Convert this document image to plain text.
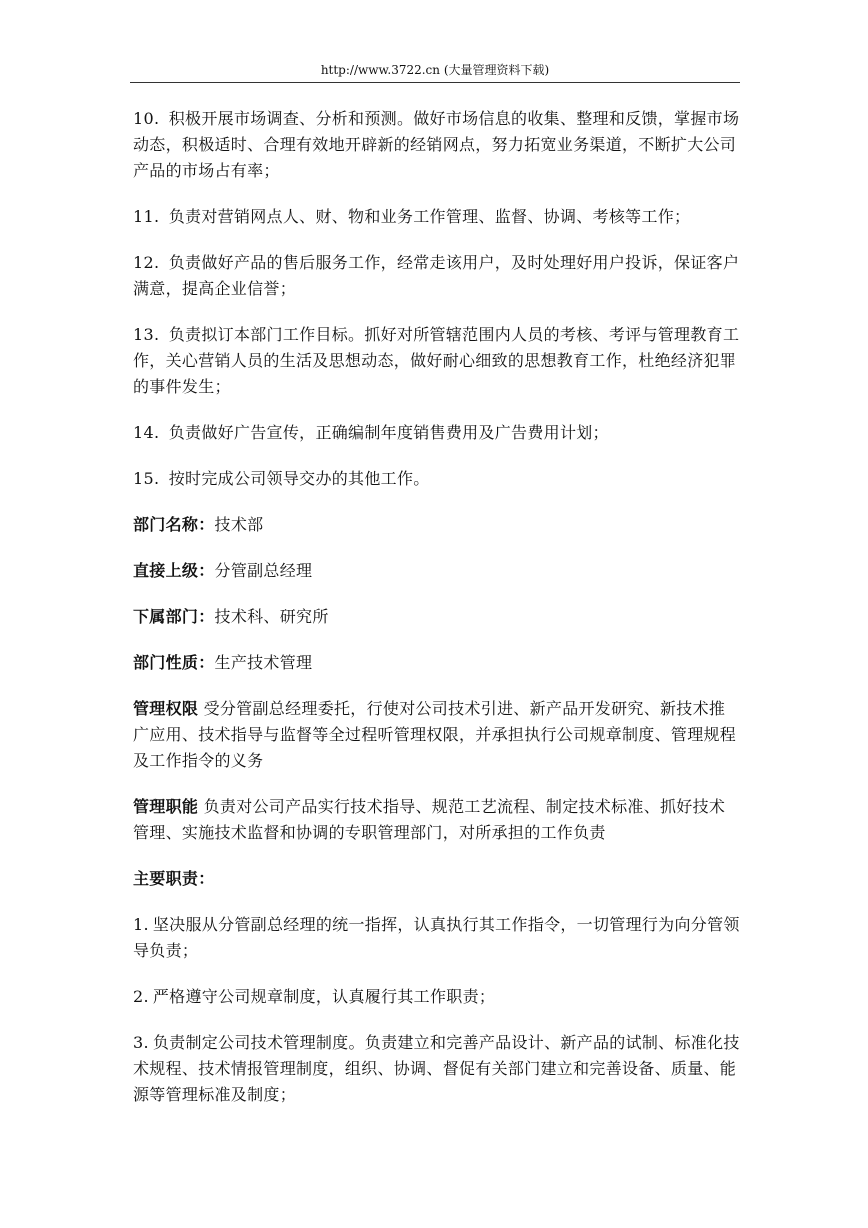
http://www.3722.cn (大量管理资料下载)

10. 积极开展市场调查、分析和预测。做好市场信息的收集、整理和反馈，掌握市场动态，积极适时、合理有效地开辟新的经销网点，努力拓宽业务渠道，不断扩大公司产品的市场占有率；

11. 负责对营销网点人、财、物和业务工作管理、监督、协调、考核等工作；

12. 负责做好产品的售后服务工作，经常走该用户，及时处理好用户投诉，保证客户满意，提高企业信誉；

13. 负责拟订本部门工作目标。抓好对所管辖范围内人员的考核、考评与管理教育工作，关心营销人员的生活及思想动态，做好耐心细致的思想教育工作，杜绝经济犯罪的事件发生；

14. 负责做好广告宣传，正确编制年度销售费用及广告费用计划；

15. 按时完成公司领导交办的其他工作。

部门名称：技术部

直接上级：分管副总经理

下属部门：技术科、研究所

部门性质：生产技术管理

管理权限 受分管副总经理委托，行使对公司技术引进、新产品开发研究、新技术推广应用、技术指导与监督等全过程听管理权限，并承担执行公司规章制度、管理规程及工作指令的义务

管理职能 负责对公司产品实行技术指导、规范工艺流程、制定技术标准、抓好技术管理、实施技术监督和协调的专职管理部门，对所承担的工作负责

主要职责：

1. 坚决服从分管副总经理的统一指挥，认真执行其工作指令，一切管理行为向分管领导负责；

2. 严格遵守公司规章制度，认真履行其工作职责；

3. 负责制定公司技术管理制度。负责建立和完善产品设计、新产品的试制、标准化技术规程、技术情报管理制度，组织、协调、督促有关部门建立和完善设备、质量、能源等管理标准及制度；
